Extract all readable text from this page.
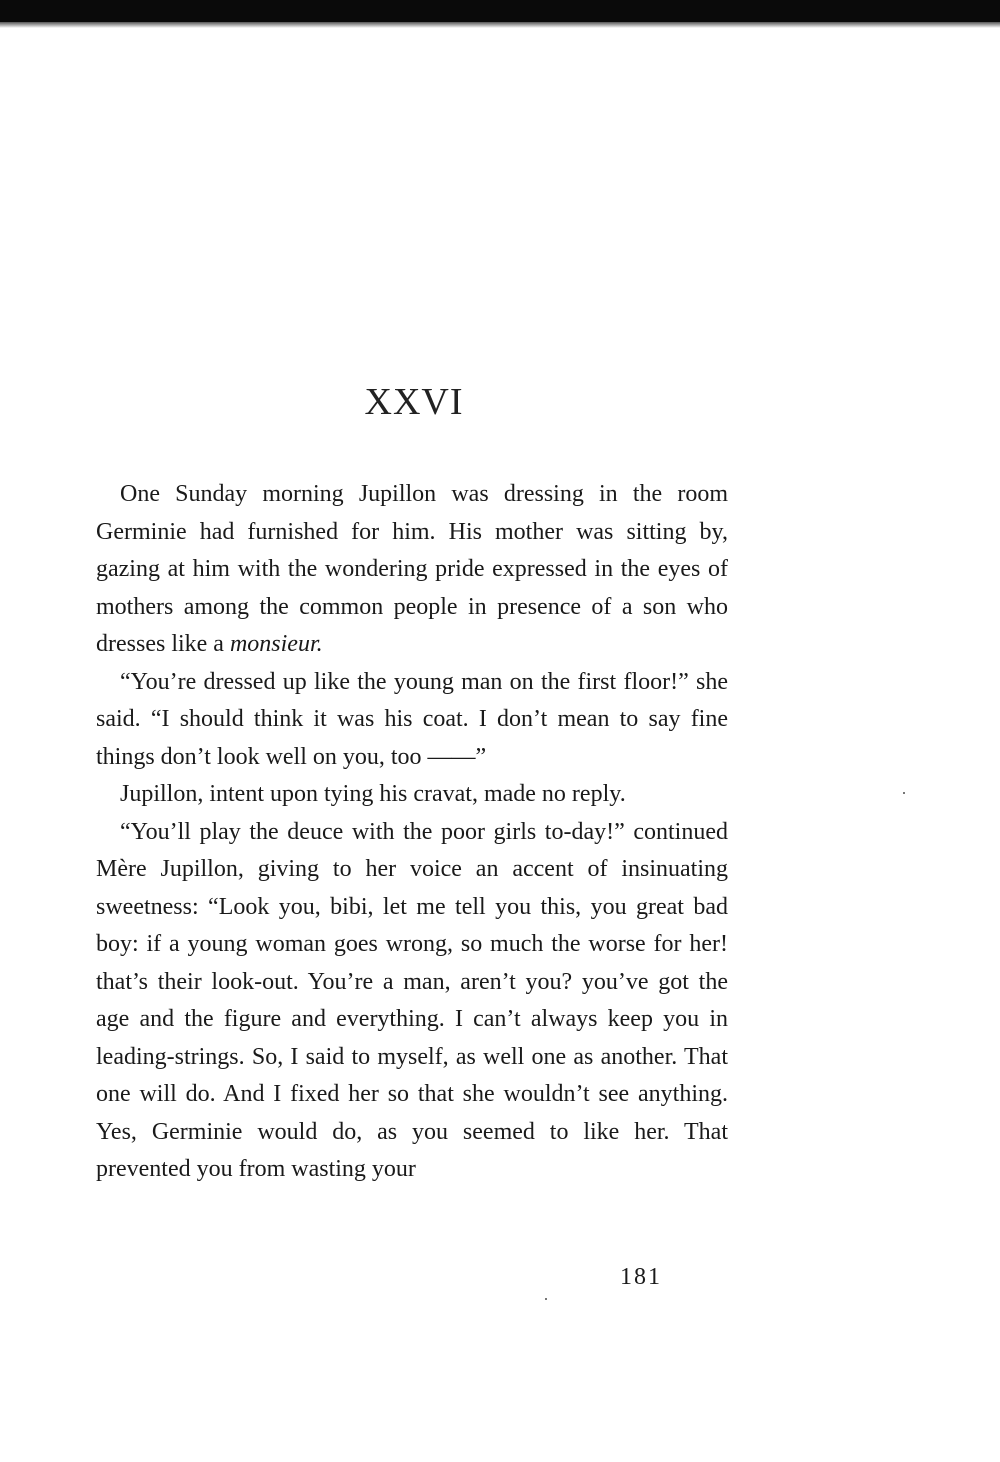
XXVI

One Sunday morning Jupillon was dressing in the room Germinie had furnished for him. His mother was sitting by, gazing at him with the wondering pride expressed in the eyes of mothers among the common people in presence of a son who dresses like a monsieur.

“You’re dressed up like the young man on the first floor!” she said. “I should think it was his coat. I don’t mean to say fine things don’t look well on you, too ——”

Jupillon, intent upon tying his cravat, made no reply.

“You’ll play the deuce with the poor girls to-day!” continued Mère Jupillon, giving to her voice an accent of insinuating sweetness: “Look you, bibi, let me tell you this, you great bad boy: if a young woman goes wrong, so much the worse for her! that’s their look-out. You’re a man, aren’t you? you’ve got the age and the figure and everything. I can’t always keep you in leading-strings. So, I said to myself, as well one as another. That one will do. And I fixed her so that she wouldn’t see anything. Yes, Germinie would do, as you seemed to like her. That prevented you from wasting your

181
